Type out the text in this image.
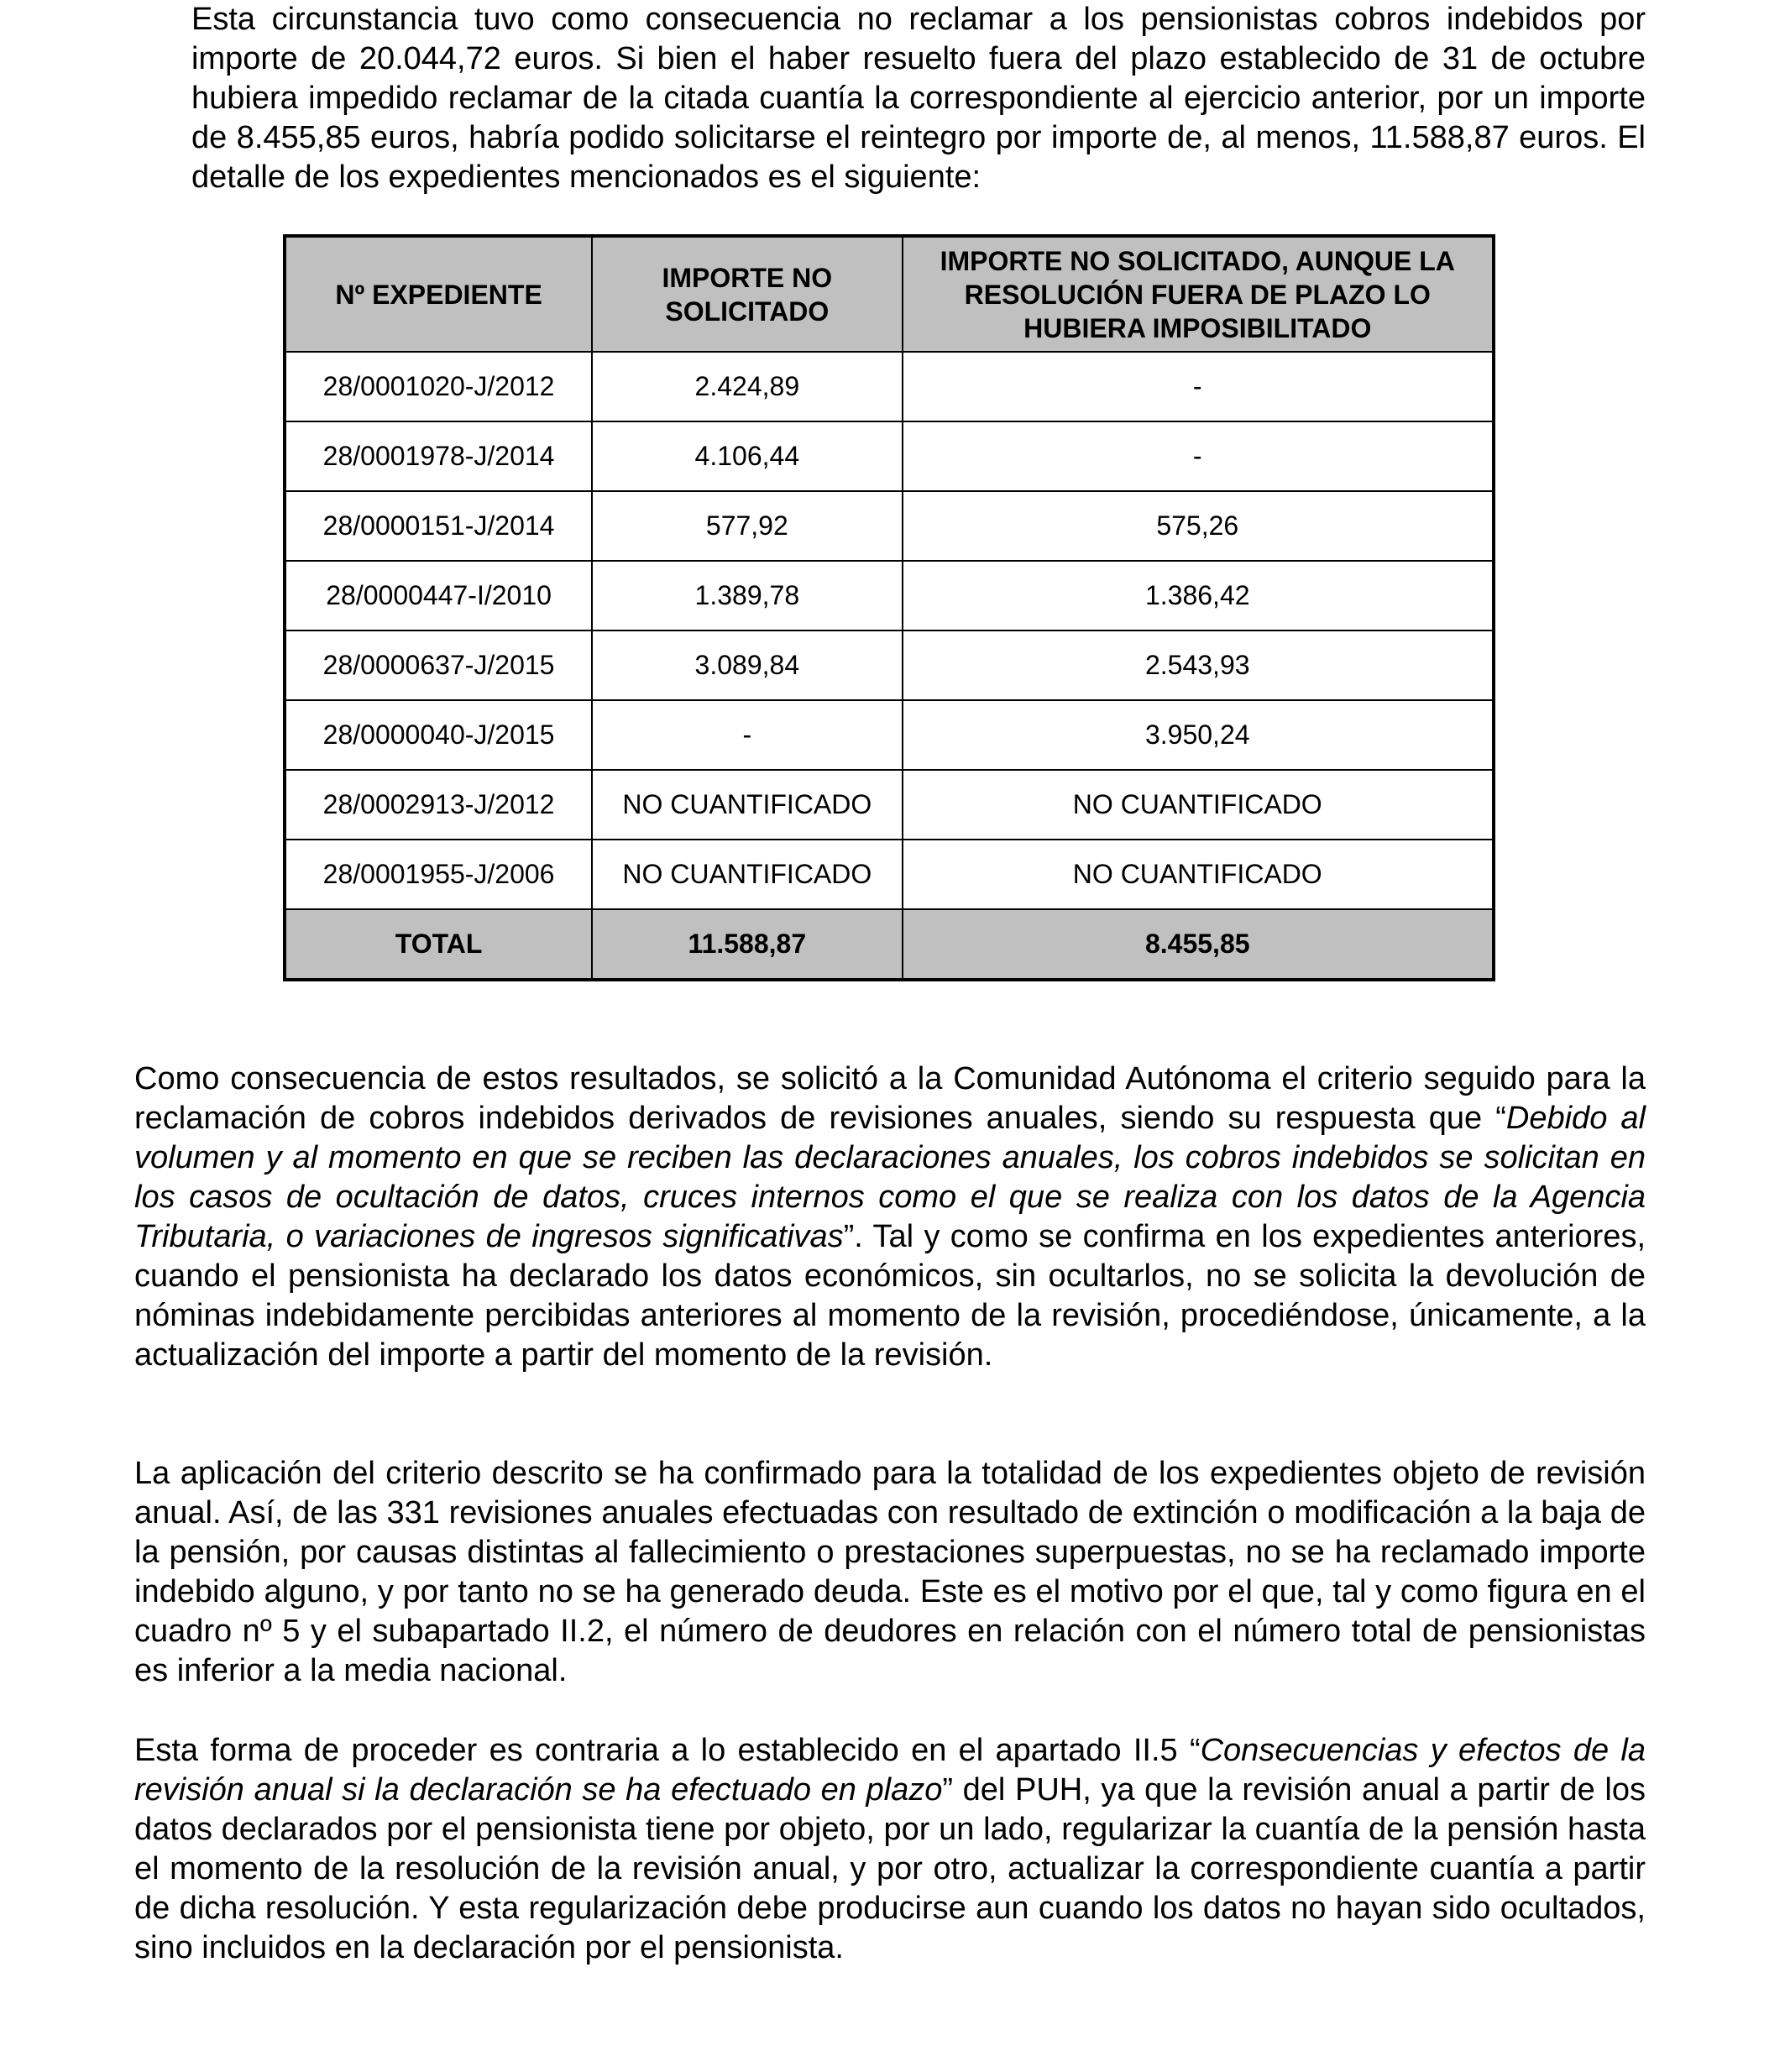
Esta circunstancia tuvo como consecuencia no reclamar a los pensionistas cobros indebidos por importe de 20.044,72 euros. Si bien el haber resuelto fuera del plazo establecido de 31 de octubre hubiera impedido reclamar de la citada cuantía la correspondiente al ejercicio anterior, por un importe de 8.455,85 euros, habría podido solicitarse el reintegro por importe de, al menos, 11.588,87 euros. El detalle de los expedientes mencionados es el siguiente:

Nº EXPEDIENTE	IMPORTE NO SOLICITADO	IMPORTE NO SOLICITADO, AUNQUE LA RESOLUCIÓN FUERA DE PLAZO LO HUBIERA IMPOSIBILITADO
28/0001020-J/2012	2.424,89	-
28/0001978-J/2014	4.106,44	-
28/0000151-J/2014	577,92	575,26
28/0000447-I/2010	1.389,78	1.386,42
28/0000637-J/2015	3.089,84	2.543,93
28/0000040-J/2015	-	3.950,24
28/0002913-J/2012	NO CUANTIFICADO	NO CUANTIFICADO
28/0001955-J/2006	NO CUANTIFICADO	NO CUANTIFICADO
TOTAL	11.588,87	8.455,85

Como consecuencia de estos resultados, se solicitó a la Comunidad Autónoma el criterio seguido para la reclamación de cobros indebidos derivados de revisiones anuales, siendo su respuesta que “Debido al volumen y al momento en que se reciben las declaraciones anuales, los cobros indebidos se solicitan en los casos de ocultación de datos, cruces internos como el que se realiza con los datos de la Agencia Tributaria, o variaciones de ingresos significativas”. Tal y como se confirma en los expedientes anteriores, cuando el pensionista ha declarado los datos económicos, sin ocultarlos, no se solicita la devolución de nóminas indebidamente percibidas anteriores al momento de la revisión, procediéndose, únicamente, a la actualización del importe a partir del momento de la revisión.

La aplicación del criterio descrito se ha confirmado para la totalidad de los expedientes objeto de revisión anual. Así, de las 331 revisiones anuales efectuadas con resultado de extinción o modificación a la baja de la pensión, por causas distintas al fallecimiento o prestaciones superpuestas, no se ha reclamado importe indebido alguno, y por tanto no se ha generado deuda. Este es el motivo por el que, tal y como figura en el cuadro nº 5 y el subapartado II.2, el número de deudores en relación con el número total de pensionistas es inferior a la media nacional.

Esta forma de proceder es contraria a lo establecido en el apartado II.5 “Consecuencias y efectos de la revisión anual si la declaración se ha efectuado en plazo” del PUH, ya que la revisión anual a partir de los datos declarados por el pensionista tiene por objeto, por un lado, regularizar la cuantía de la pensión hasta el momento de la resolución de la revisión anual, y por otro, actualizar la correspondiente cuantía a partir de dicha resolución. Y esta regularización debe producirse aun cuando los datos no hayan sido ocultados, sino incluidos en la declaración por el pensionista.
